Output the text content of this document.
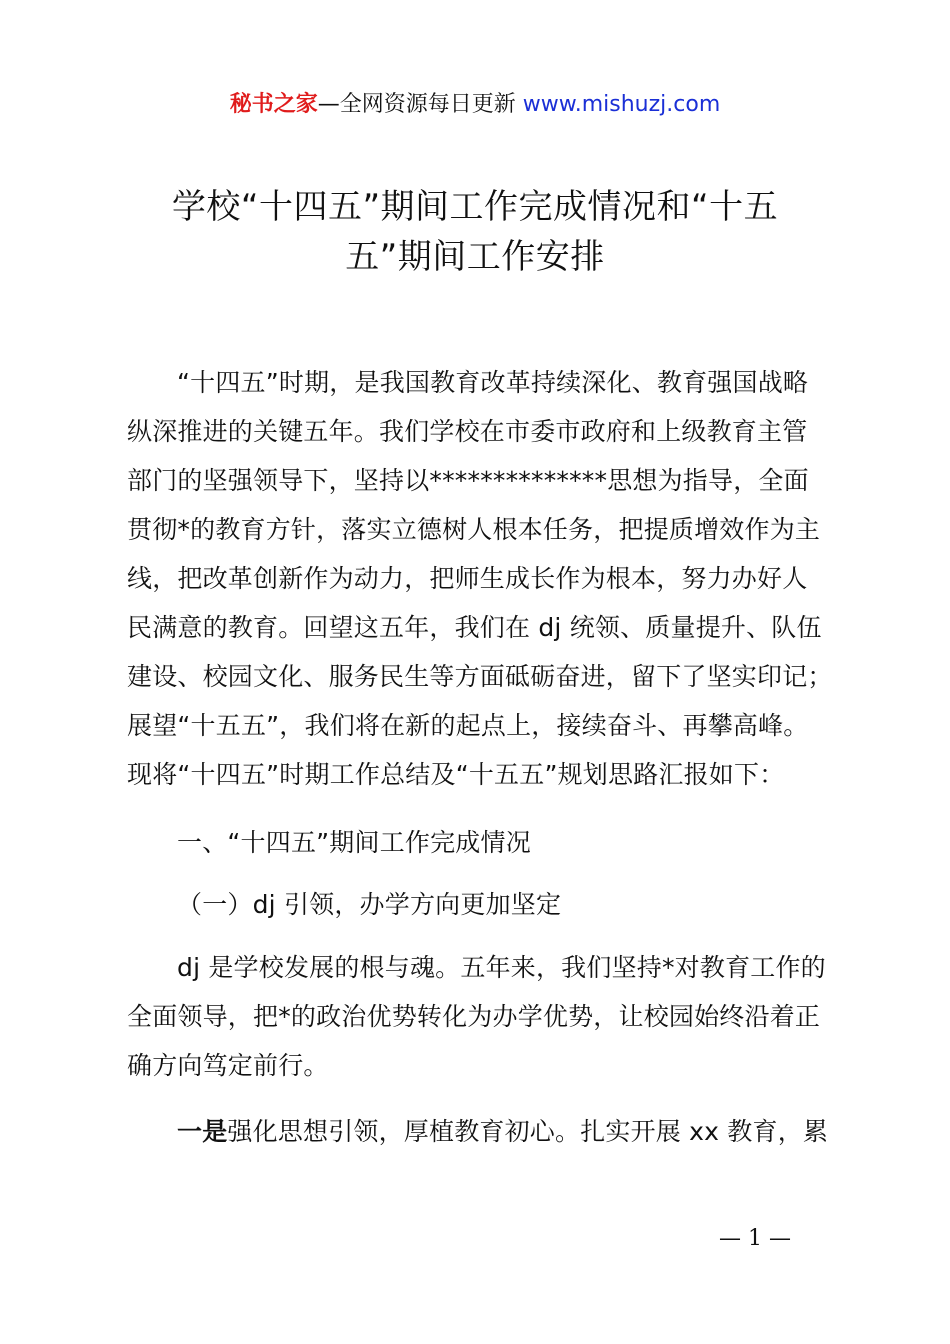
秘书之家—全网资源每日更新 www.mishuzj.com
学校“十四五”期间工作完成情况和“十五
五”期间工作安排
“十四五”时期，是我国教育改革持续深化、教育强国战略
纵深推进的关键五年。我们学校在市委市政府和上级教育主管
部门的坚强领导下，坚持以**************思想为指导，全面
贯彻*的教育方针，落实立德树人根本任务，把提质增效作为主
线，把改革创新作为动力，把师生成长作为根本，努力办好人
民满意的教育。回望这五年，我们在 dj 统领、质量提升、队伍
建设、校园文化、服务民生等方面砥砺奋进，留下了坚实印记；
展望“十五五”，我们将在新的起点上，接续奋斗、再攀高峰。
现将“十四五”时期工作总结及“十五五”规划思路汇报如下：
一、“十四五”期间工作完成情况
（一）dj 引领，办学方向更加坚定
dj 是学校发展的根与魂。五年来，我们坚持*对教育工作的
全面领导，把*的政治优势转化为办学优势，让校园始终沿着正
确方向笃定前行。
一是强化思想引领，厚植教育初心。扎实开展 xx 教育，累
— 1 —
